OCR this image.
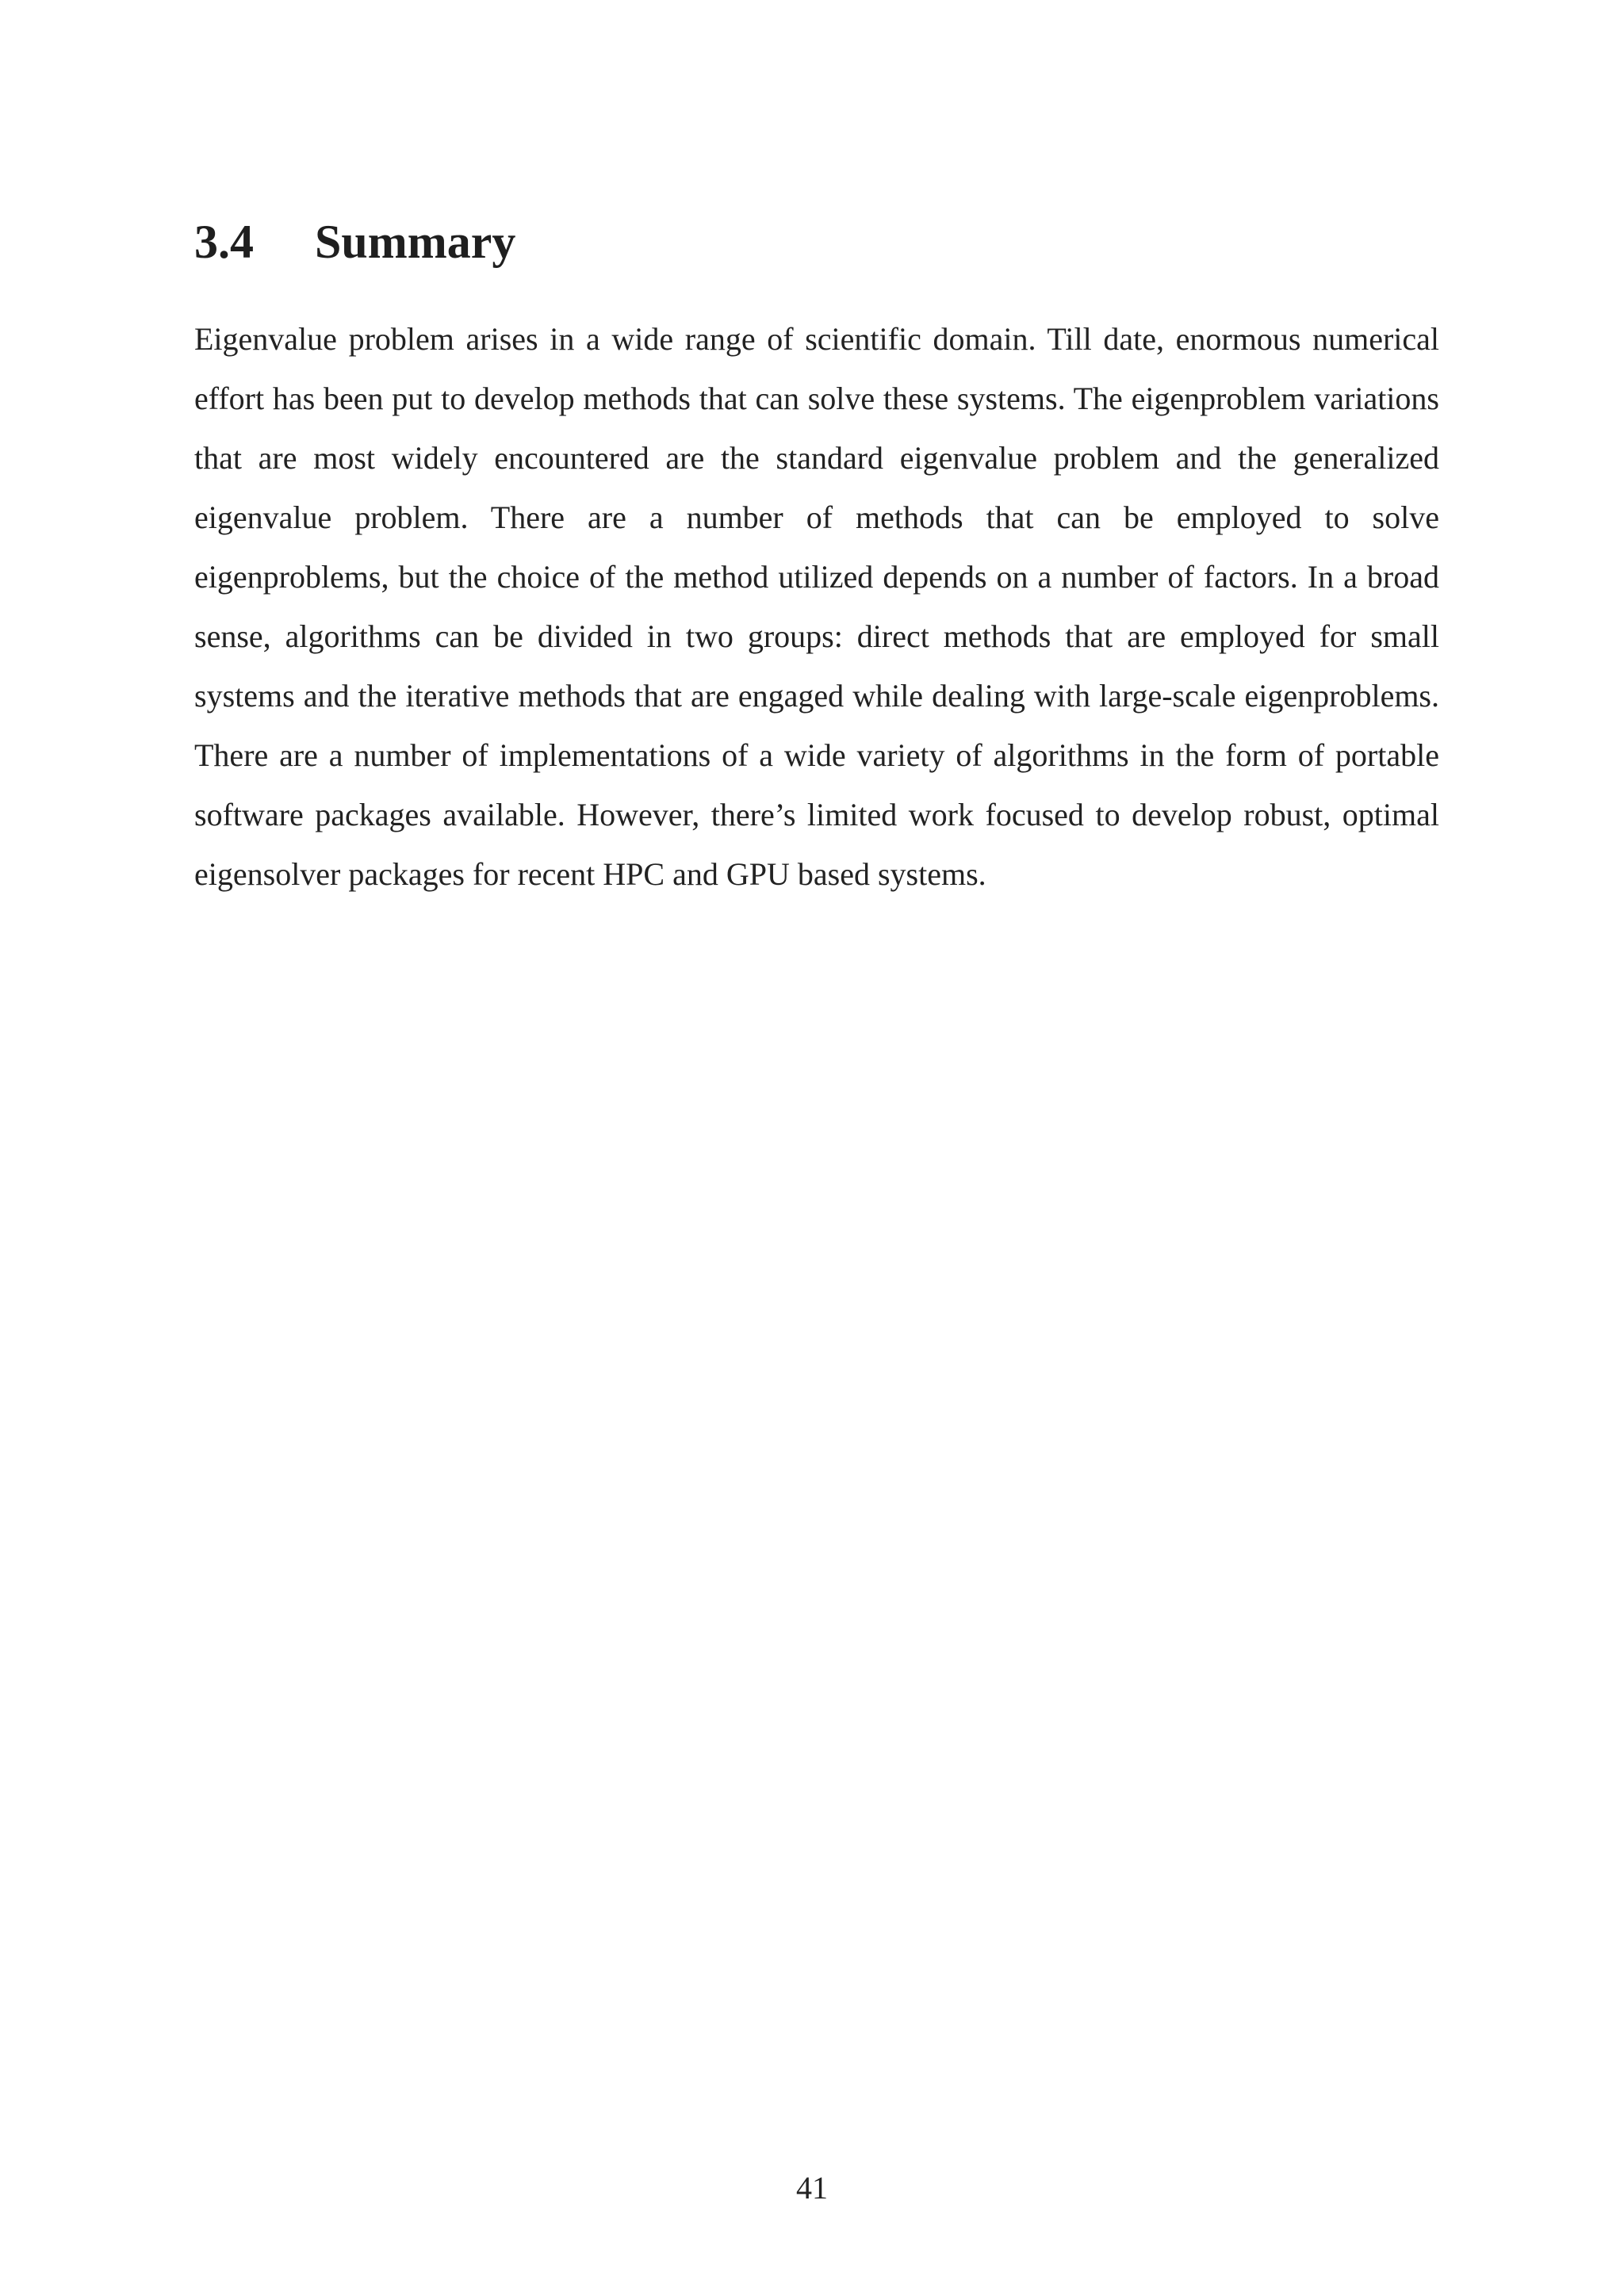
3.4 Summary

Eigenvalue problem arises in a wide range of scientific domain. Till date, enormous numerical effort has been put to develop methods that can solve these systems. The eigenproblem variations that are most widely encountered are the standard eigenvalue problem and the generalized eigenvalue problem. There are a number of methods that can be employed to solve eigenproblems, but the choice of the method utilized depends on a number of factors. In a broad sense, algorithms can be divided in two groups: direct methods that are employed for small systems and the iterative methods that are engaged while dealing with large-scale eigenproblems. There are a number of implementations of a wide variety of algorithms in the form of portable software packages available. However, there’s limited work focused to develop robust, optimal eigensolver packages for recent HPC and GPU based systems.

41
